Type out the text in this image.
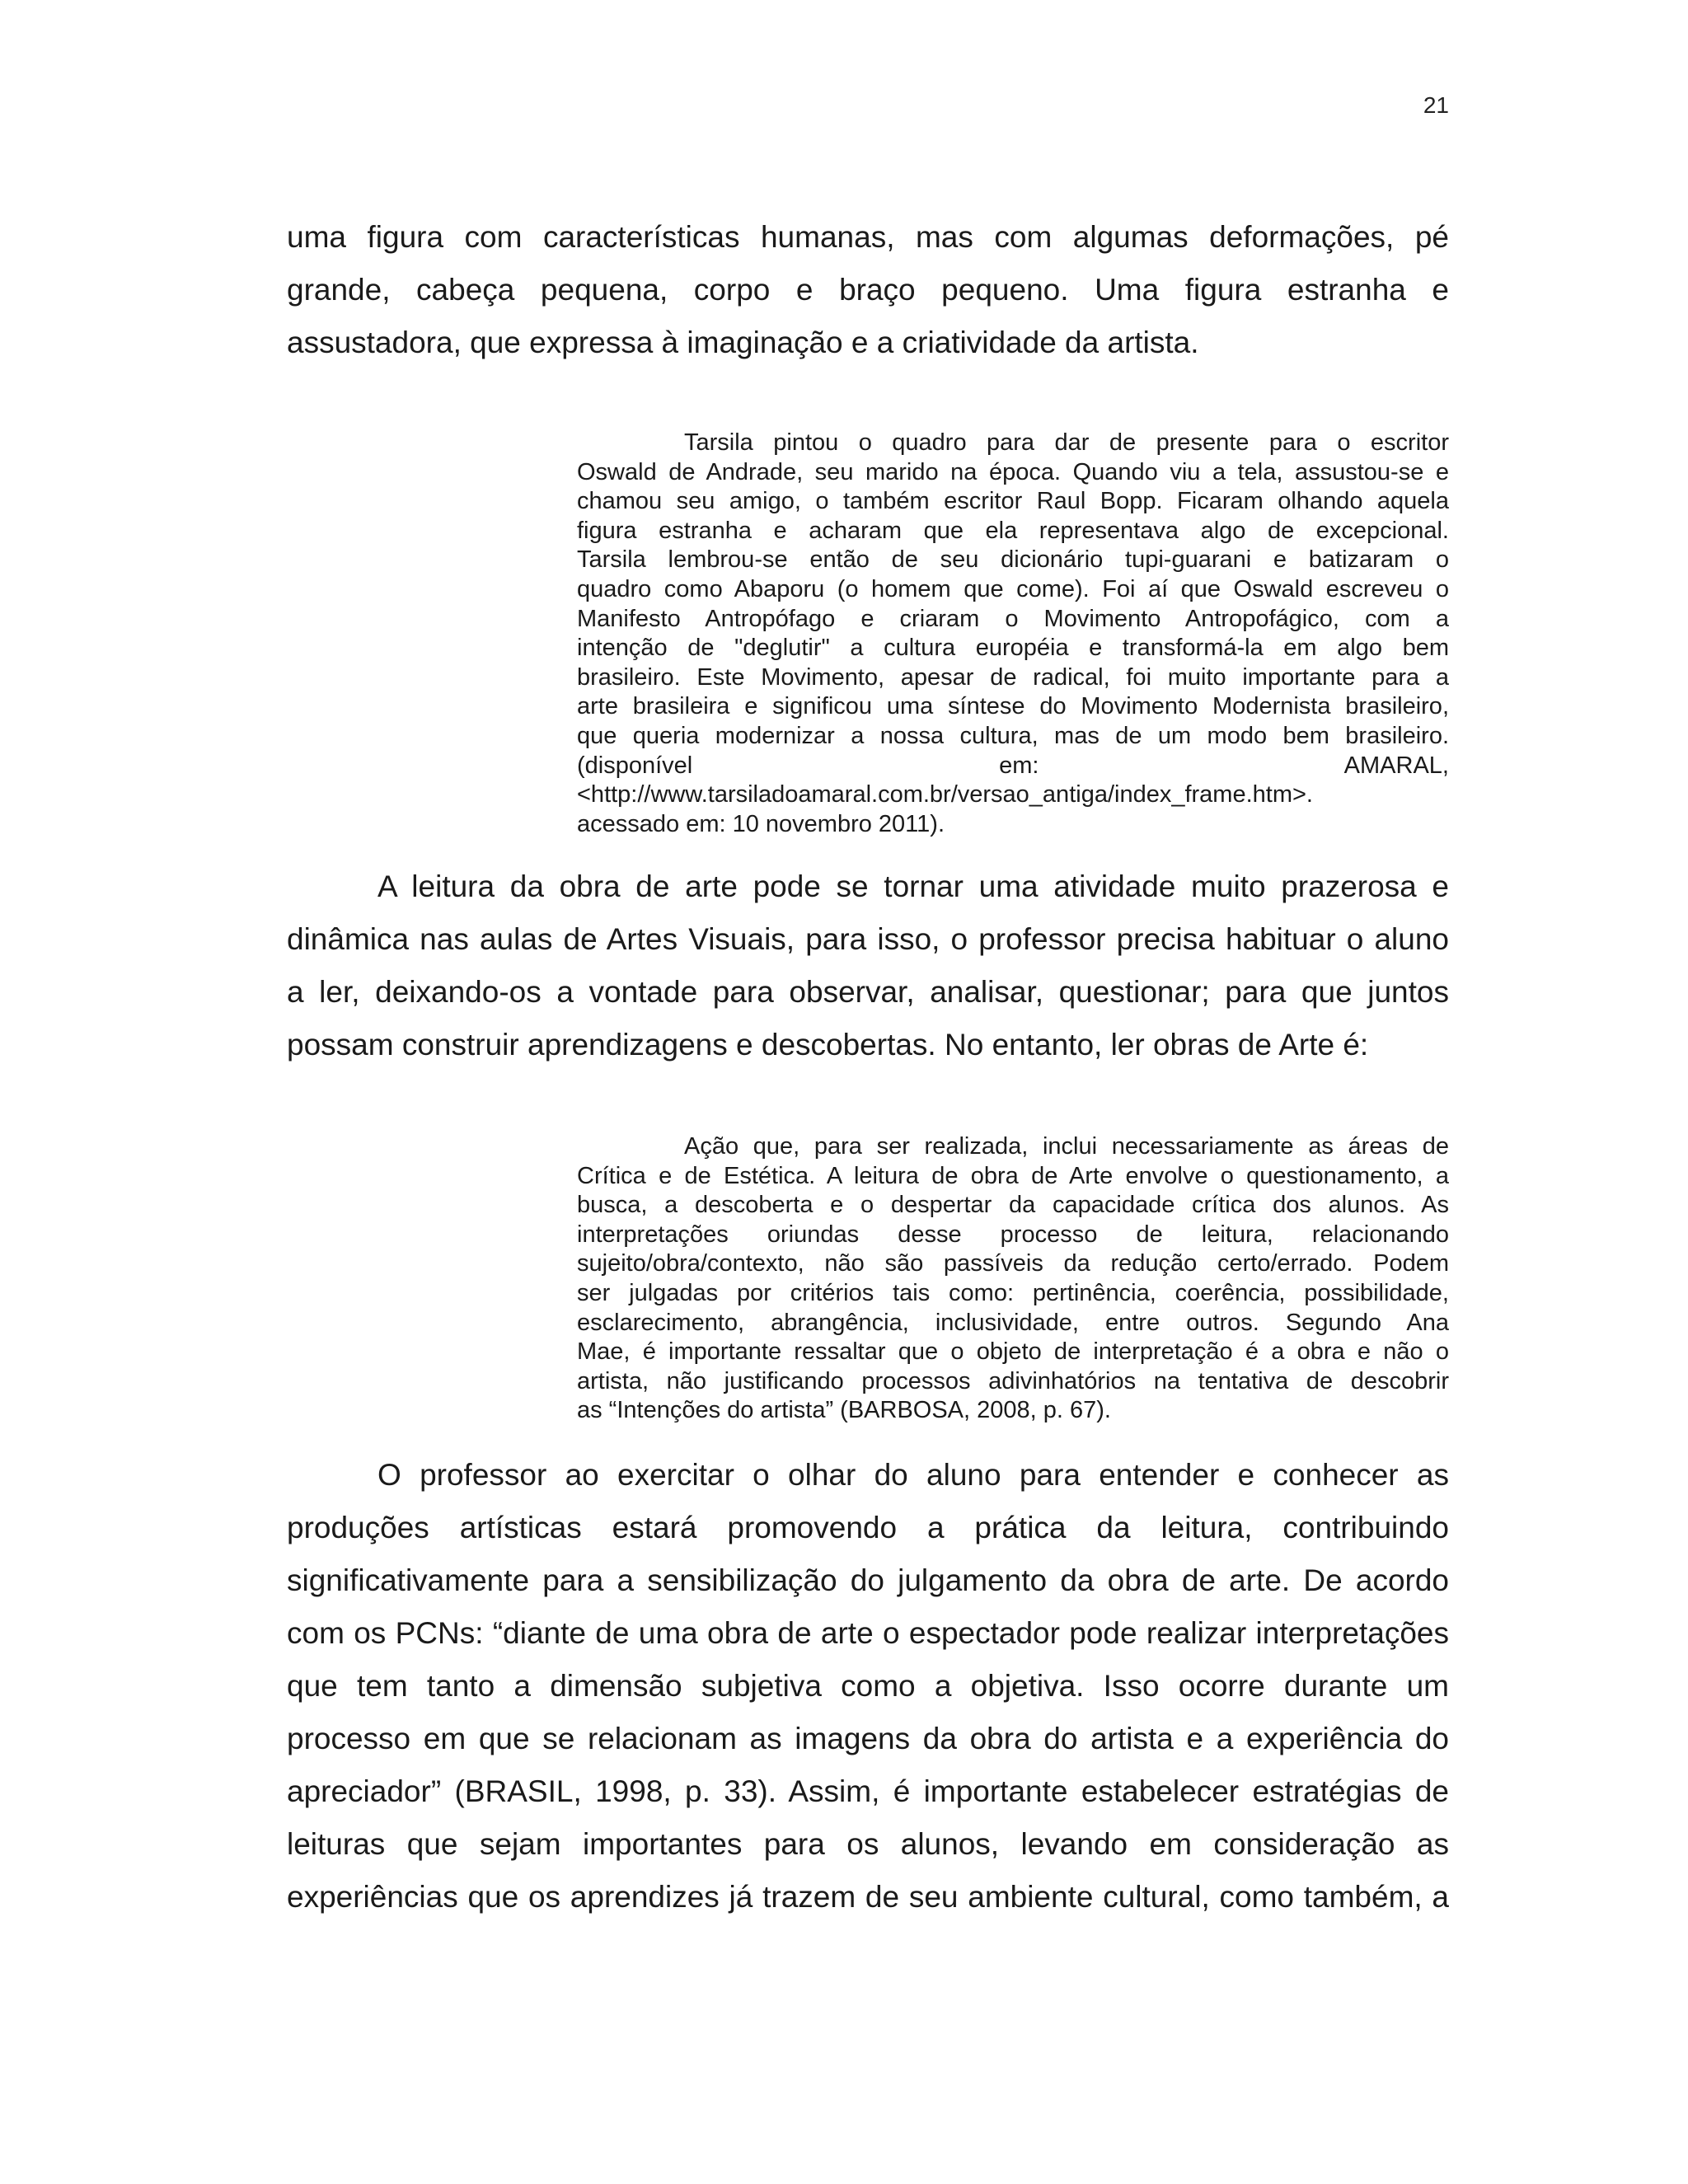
21
uma figura com características humanas, mas com algumas deformações, pé
grande, cabeça pequena, corpo e braço pequeno. Uma figura estranha e
assustadora, que expressa à imaginação e a criatividade da artista.
Tarsila pintou o quadro para dar de presente para o escritor
Oswald de Andrade, seu marido na época. Quando viu a tela, assustou-se e
chamou seu amigo, o também escritor Raul Bopp. Ficaram olhando aquela
figura estranha e acharam que ela representava algo de excepcional.
Tarsila lembrou-se então de seu dicionário tupi-guarani e batizaram o
quadro como Abaporu (o homem que come). Foi aí que Oswald escreveu o
Manifesto Antropófago e criaram o Movimento Antropofágico, com a
intenção de "deglutir" a cultura européia e transformá-la em algo bem
brasileiro. Este Movimento, apesar de radical, foi muito importante para a
arte brasileira e significou uma síntese do Movimento Modernista brasileiro,
que queria modernizar a nossa cultura, mas de um modo bem brasileiro.
(disponível em: AMARAL,
<http://www.tarsiladoamaral.com.br/versao_antiga/index_frame.htm>.
acessado em: 10 novembro 2011).
A leitura da obra de arte pode se tornar uma atividade muito prazerosa e
dinâmica nas aulas de Artes Visuais, para isso, o professor precisa habituar o aluno
a ler, deixando-os a vontade para observar, analisar, questionar; para que juntos
possam construir aprendizagens e descobertas. No entanto, ler obras de Arte é:
Ação que, para ser realizada, inclui necessariamente as áreas de
Crítica e de Estética. A leitura de obra de Arte envolve o questionamento, a
busca, a descoberta e o despertar da capacidade crítica dos alunos. As
interpretações oriundas desse processo de leitura, relacionando
sujeito/obra/contexto, não são passíveis da redução certo/errado. Podem
ser julgadas por critérios tais como: pertinência, coerência, possibilidade,
esclarecimento, abrangência, inclusividade, entre outros. Segundo Ana
Mae, é importante ressaltar que o objeto de interpretação é a obra e não o
artista, não justificando processos adivinhatórios na tentativa de descobrir
as “Intenções do artista” (BARBOSA, 2008, p. 67).
O professor ao exercitar o olhar do aluno para entender e conhecer as
produções artísticas estará promovendo a prática da leitura, contribuindo
significativamente para a sensibilização do julgamento da obra de arte. De acordo
com os PCNs: “diante de uma obra de arte o espectador pode realizar interpretações
que tem tanto a dimensão subjetiva como a objetiva. Isso ocorre durante um
processo em que se relacionam as imagens da obra do artista e a experiência do
apreciador” (BRASIL, 1998, p. 33). Assim, é importante estabelecer estratégias de
leituras que sejam importantes para os alunos, levando em consideração as
experiências que os aprendizes já trazem de seu ambiente cultural, como também, a
